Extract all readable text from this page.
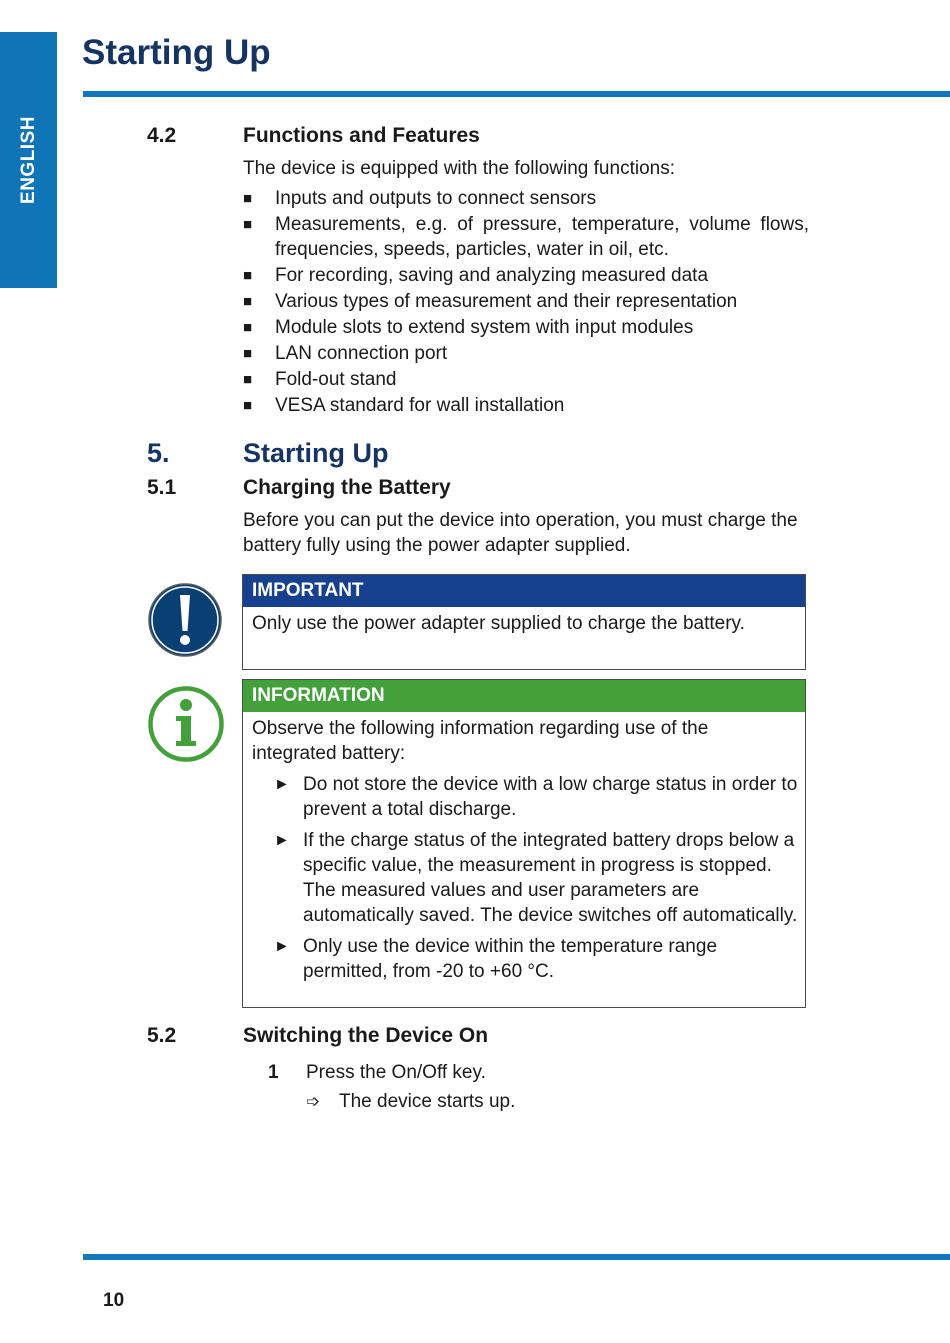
ENGLISH
Starting Up
4.2	Functions and Features

The device is equipped with the following functions:

■ Inputs and outputs to connect sensors
■ Measurements, e.g. of pressure, temperature, volume flows, frequencies, speeds, particles, water in oil, etc.
■ For recording, saving and analyzing measured data
■ Various types of measurement and their representation
■ Module slots to extend system with input modules
■ LAN connection port
■ Fold-out stand
■ VESA standard for wall installation
5.	Starting Up
5.1	Charging the Battery

Before you can put the device into operation, you must charge the battery fully using the power adapter supplied.

IMPORTANT

Only use the power adapter supplied to charge the battery.

INFORMATION

Observe the following information regarding use of the integrated battery:

► Do not store the device with a low charge status in order to prevent a total discharge.
► If the charge status of the integrated battery drops below a specific value, the measurement in progress is stopped. The measured values and user parameters are automatically saved. The device switches off automatically.
► Only use the device within the temperature range permitted, from -20 to +60 °C.
5.2	Switching the Device On
1 Press the On/Off key.
➩ The device starts up.
10
